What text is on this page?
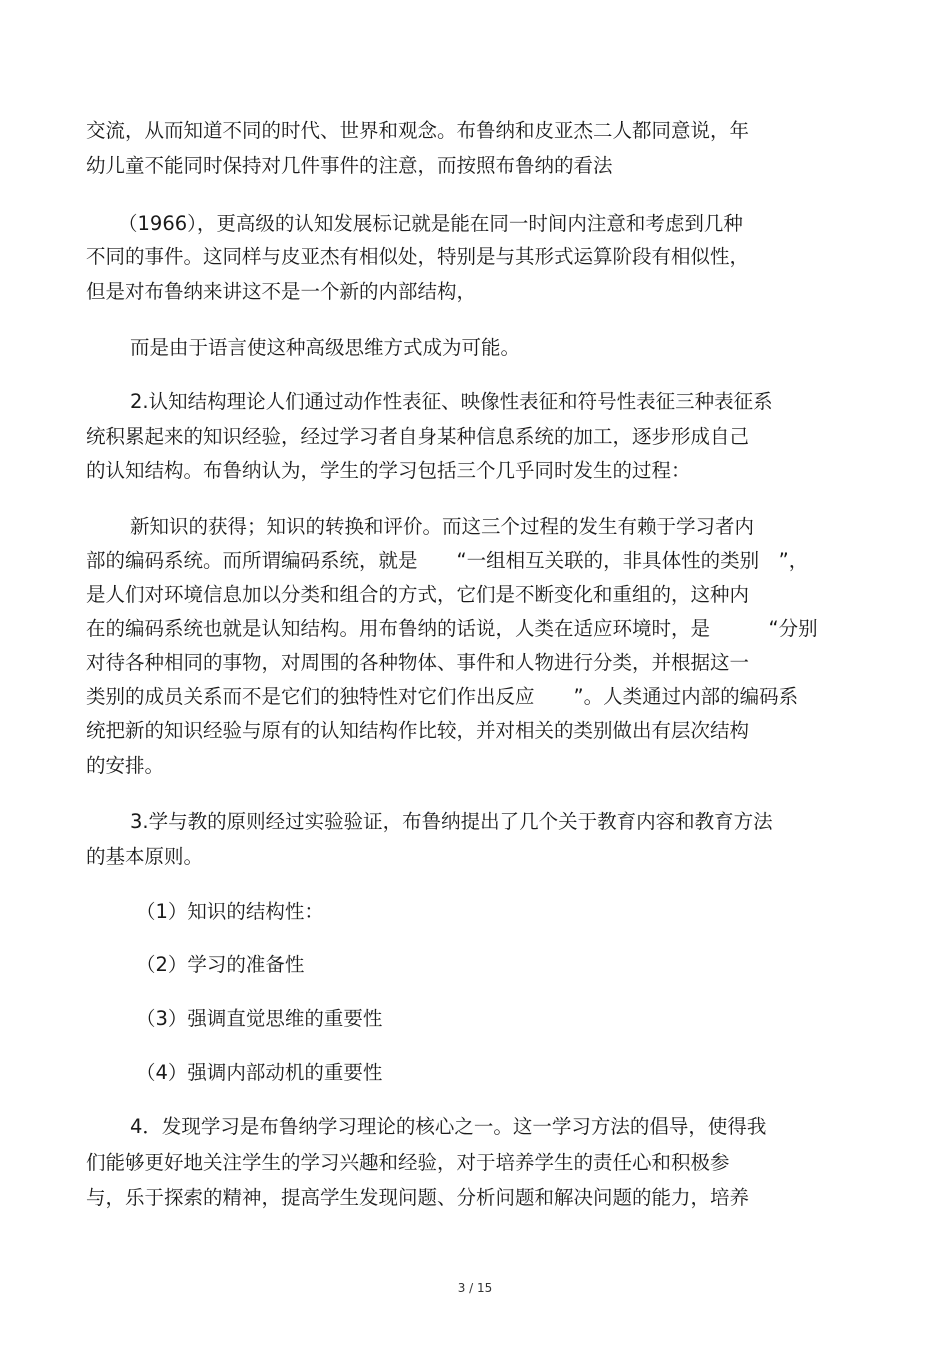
交流，从而知道不同的时代、世界和观念。布鲁纳和皮亚杰二人都同意说，年

幼儿童不能同时保持对几件事件的注意，而按照布鲁纳的看法

（1966），更高级的认知发展标记就是能在同一时间内注意和考虑到几种

不同的事件。这同样与皮亚杰有相似处，特别是与其形式运算阶段有相似性，

但是对布鲁纳来讲这不是一个新的内部结构，

而是由于语言使这种高级思维方式成为可能。

2.认知结构理论人们通过动作性表征、映像性表征和符号性表征三种表征系

统积累起来的知识经验，经过学习者自身某种信息系统的加工，逐步形成自己

的认知结构。布鲁纳认为，学生的学习包括三个几乎同时发生的过程：

新知识的获得；知识的转换和评价。而这三个过程的发生有赖于学习者内

部的编码系统。而所谓编码系统，就是　　“一组相互关联的，非具体性的类别　”，

是人们对环境信息加以分类和组合的方式，它们是不断变化和重组的，这种内

在的编码系统也就是认知结构。用布鲁纳的话说，人类在适应环境时，是　　　“分别

对待各种相同的事物，对周围的各种物体、事件和人物进行分类，并根据这一

类别的成员关系而不是它们的独特性对它们作出反应　　”。人类通过内部的编码系

统把新的知识经验与原有的认知结构作比较，并对相关的类别做出有层次结构

的安排。

3.学与教的原则经过实验验证，布鲁纳提出了几个关于教育内容和教育方法

的基本原则。

（1）知识的结构性：

（2）学习的准备性

（3）强调直觉思维的重要性

（4）强调内部动机的重要性

4．发现学习是布鲁纳学习理论的核心之一。这一学习方法的倡导，使得我

们能够更好地关注学生的学习兴趣和经验，对于培养学生的责任心和积极参

与，乐于探索的精神，提高学生发现问题、分析问题和解决问题的能力，培养

3 / 15
